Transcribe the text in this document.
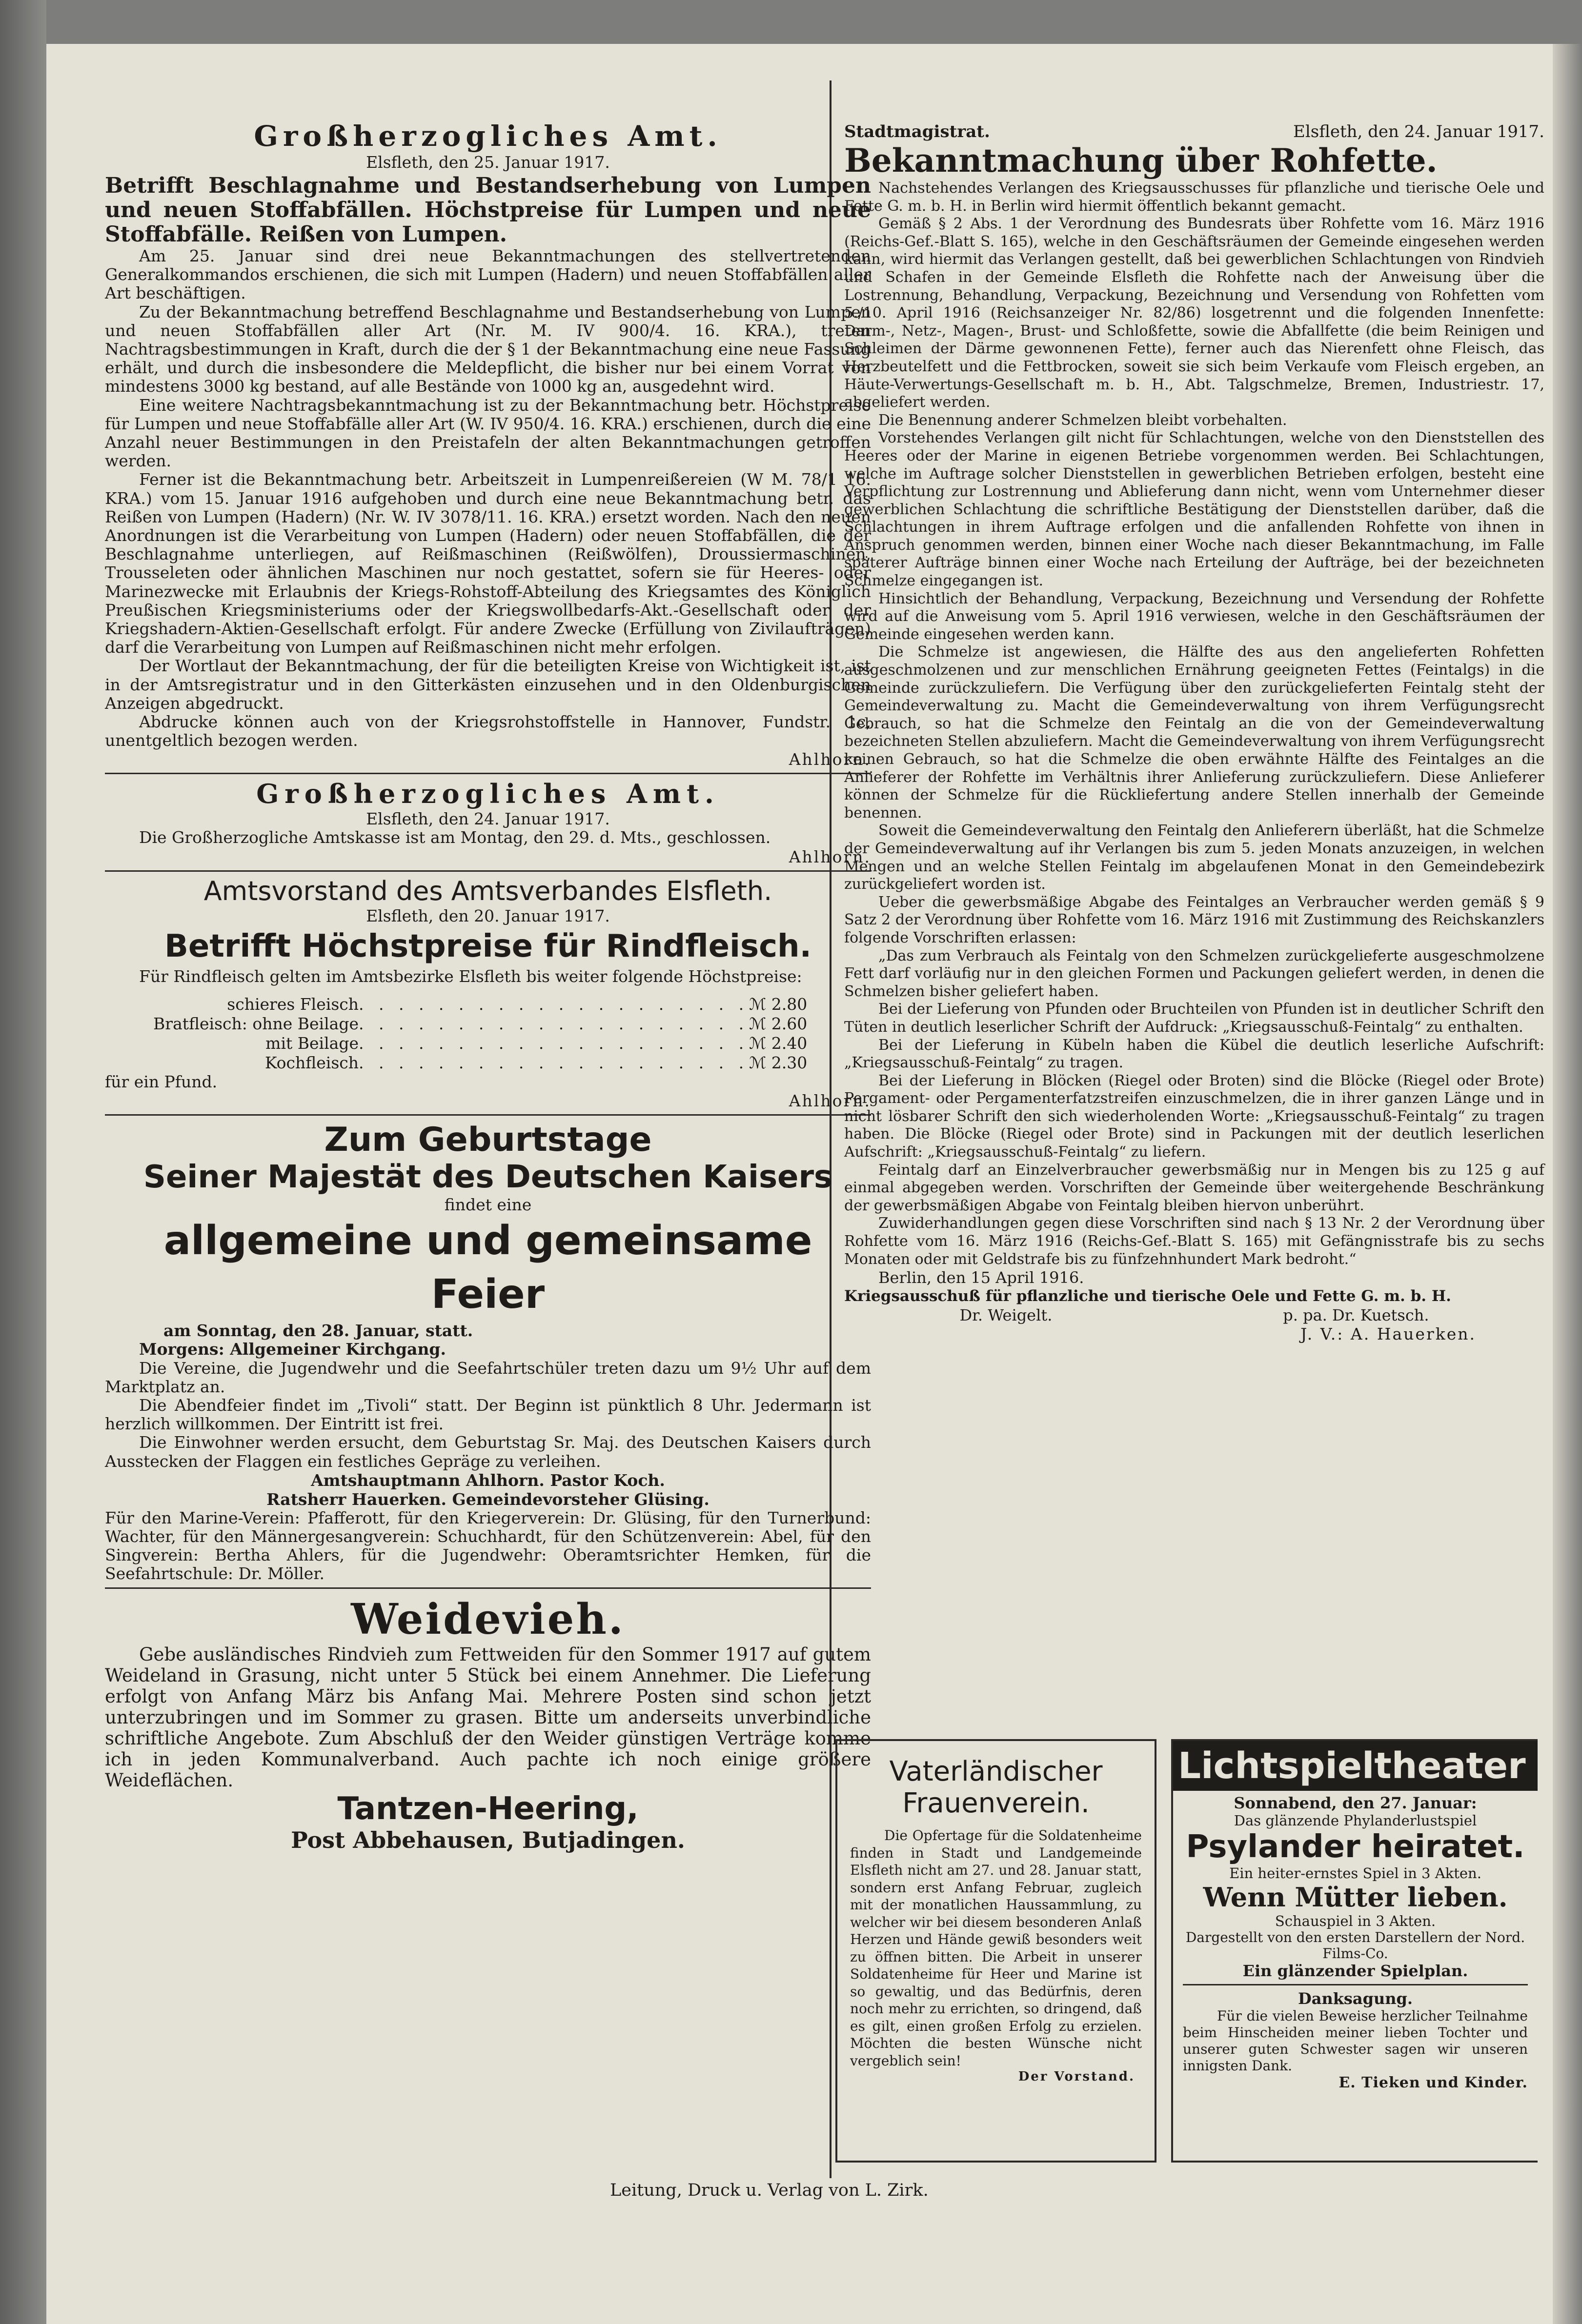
Großherzogliches Amt.

Elsfleth, den 25. Januar 1917.

Betrifft Beschlagnahme und Bestandserhebung von Lumpen und neuen Stoffabfällen. Höchstpreise für Lumpen und neue Stoffabfälle. Reißen von Lumpen.

Am 25. Januar sind drei neue Bekanntmachungen des stellvertretenden Generalkommandos erschienen, die sich mit Lumpen (Hadern) und neuen Stoffabfällen aller Art beschäftigen.

Zu der Bekanntmachung betreffend Beschlagnahme und Bestandserhebung von Lumpen und neuen Stoffabfällen aller Art (Nr. M. IV 900/4. 16. KRA.), treten Nachtragsbestimmungen in Kraft, durch die der § 1 der Bekanntmachung eine neue Fassung erhält, und durch die insbesondere die Meldepflicht, die bisher nur bei einem Vorrat von mindestens 3000 kg bestand, auf alle Bestände von 1000 kg an, ausgedehnt wird.

Eine weitere Nachtragsbekanntmachung ist zu der Bekanntmachung betr. Höchstpreise für Lumpen und neue Stoffabfälle aller Art (W. IV 950/4. 16. KRA.) erschienen, durch die eine Anzahl neuer Bestimmungen in den Preistafeln der alten Bekanntmachungen getroffen werden.

Ferner ist die Bekanntmachung betr. Arbeitszeit in Lumpenreißereien (W M. 78/1 16. KRA.) vom 15. Januar 1916 aufgehoben und durch eine neue Bekanntmachung betr. das Reißen von Lumpen (Hadern) (Nr. W. IV 3078/11. 16. KRA.) ersetzt worden. Nach den neuen Anordnungen ist die Verarbeitung von Lumpen (Hadern) oder neuen Stoffabfällen, die der Beschlagnahme unterliegen, auf Reißmaschinen (Reißwölfen), Droussiermaschinen, Trousseleten oder ähnlichen Maschinen nur noch gestattet, sofern sie für Heeres- oder Marinezwecke mit Erlaubnis der Kriegs-Rohstoff-Abteilung des Kriegsamtes des Königlich Preußischen Kriegsministeriums oder der Kriegswollbedarfs-Akt.-Gesellschaft oder der Kriegshadern-Aktien-Gesellschaft erfolgt. Für andere Zwecke (Erfüllung von Zivilaufträgen) darf die Verarbeitung von Lumpen auf Reißmaschinen nicht mehr erfolgen.

Der Wortlaut der Bekanntmachung, der für die beteiligten Kreise von Wichtigkeit ist, ist in der Amtsregistratur und in den Gitterkästen einzusehen und in den Oldenburgischen Anzeigen abgedruckt.

Abdrucke können auch von der Kriegsrohstoffstelle in Hannover, Fundstr. 1c, unentgeltlich bezogen werden.

Ahlhorn.

Großherzogliches Amt.

Elsfleth, den 24. Januar 1917.

Die Großherzogliche Amtskasse ist am Montag, den 29. d. Mts., geschlossen.

Ahlhorn.

Amtsvorstand des Amtsverbandes Elsfleth.

Elsfleth, den 20. Januar 1917.

Betrifft Höchstpreise für Rindfleisch.

Für Rindfleisch gelten im Amtsbezirke Elsfleth bis weiter folgende Höchstpreise:

schieres Fleisch . . . . . . . . . . . . . . . . . . . . ℳ 2.80
Bratfleisch: ohne Beilage . . . . . . . . . . . . . . . . . . . . ℳ 2.60
mit Beilage . . . . . . . . . . . . . . . . . . . . ℳ 2.40
Kochfleisch . . . . . . . . . . . . . . . . . . . . ℳ 2.30

für ein Pfund.

Ahlhorn.

Zum Geburtstage
Seiner Majestät des Deutschen Kaisers

findet eine

allgemeine und gemeinsame Feier

am Sonntag, den 28. Januar, statt.

Morgens: Allgemeiner Kirchgang.

Die Vereine, die Jugendwehr und die Seefahrtschüler treten dazu um 9½ Uhr auf dem Marktplatz an.

Die Abendfeier findet im „Tivoli“ statt. Der Beginn ist pünktlich 8 Uhr. Jedermann ist herzlich willkommen. Der Eintritt ist frei.

Die Einwohner werden ersucht, dem Geburtstag Sr. Maj. des Deutschen Kaisers durch Ausstecken der Flaggen ein festliches Gepräge zu verleihen.

Amtshauptmann Ahlhorn. Pastor Koch.

Ratsherr Hauerken. Gemeindevorsteher Glüsing.

Für den Marine-Verein: Pfafferott, für den Kriegerverein: Dr. Glüsing, für den Turnerbund: Wachter, für den Männergesangverein: Schuchhardt, für den Schützenverein: Abel, für den Singverein: Bertha Ahlers, für die Jugendwehr: Oberamtsrichter Hemken, für die Seefahrtschule: Dr. Möller.

Weidevieh.

Gebe ausländisches Rindvieh zum Fettweiden für den Sommer 1917 auf gutem Weideland in Grasung, nicht unter 5 Stück bei einem Annehmer. Die Lieferung erfolgt von Anfang März bis Anfang Mai. Mehrere Posten sind schon jetzt unterzubringen und im Sommer zu grasen. Bitte um anderseits unverbindliche schriftliche Angebote. Zum Abschluß der den Weider günstigen Verträge komme ich in jeden Kommunalverband. Auch pachte ich noch einige größere Weideflächen.

Tantzen-Heering,
Post Abbehausen, Butjadingen.
Stadtmagistrat.	Elsfleth, den 24. Januar 1917.
Bekanntmachung über Rohfette.

Nachstehendes Verlangen des Kriegsausschusses für pflanzliche und tierische Oele und Fette G. m. b. H. in Berlin wird hiermit öffentlich bekannt gemacht.

Gemäß § 2 Abs. 1 der Verordnung des Bundesrats über Rohfette vom 16. März 1916 (Reichs-Gef.-Blatt S. 165), welche in den Geschäftsräumen der Gemeinde eingesehen werden kann, wird hiermit das Verlangen gestellt, daß bei gewerblichen Schlachtungen von Rindvieh und Schafen in der Gemeinde Elsfleth die Rohfette nach der Anweisung über die Lostrennung, Behandlung, Verpackung, Bezeichnung und Versendung von Rohfetten vom 5./10. April 1916 (Reichsanzeiger Nr. 82/86) losgetrennt und die folgenden Innenfette: Darm-, Netz-, Magen-, Brust- und Schloßfette, sowie die Abfallfette (die beim Reinigen und Schleimen der Därme gewonnenen Fette), ferner auch das Nierenfett ohne Fleisch, das Herzbeutelfett und die Fettbrocken, soweit sie sich beim Verkaufe vom Fleisch ergeben, an Häute-Verwertungs-Gesellschaft m. b. H., Abt. Talgschmelze, Bremen, Industriestr. 17, abgeliefert werden.

Die Benennung anderer Schmelzen bleibt vorbehalten.

Vorstehendes Verlangen gilt nicht für Schlachtungen, welche von den Dienststellen des Heeres oder der Marine in eigenen Betriebe vorgenommen werden. Bei Schlachtungen, welche im Auftrage solcher Dienststellen in gewerblichen Betrieben erfolgen, besteht eine Verpflichtung zur Lostrennung und Ablieferung dann nicht, wenn vom Unternehmer dieser gewerblichen Schlachtung die schriftliche Bestätigung der Dienststellen darüber, daß die Schlachtungen in ihrem Auftrage erfolgen und die anfallenden Rohfette von ihnen in Anspruch genommen werden, binnen einer Woche nach dieser Bekanntmachung, im Falle späterer Aufträge binnen einer Woche nach Erteilung der Aufträge, bei der bezeichneten Schmelze eingegangen ist.

Hinsichtlich der Behandlung, Verpackung, Bezeichnung und Versendung der Rohfette wird auf die Anweisung vom 5. April 1916 verwiesen, welche in den Geschäftsräumen der Gemeinde eingesehen werden kann.

Die Schmelze ist angewiesen, die Hälfte des aus den angelieferten Rohfetten ausgeschmolzenen und zur menschlichen Ernährung geeigneten Fettes (Feintalgs) in die Gemeinde zurückzuliefern. Die Verfügung über den zurückgelieferten Feintalg steht der Gemeindeverwaltung zu. Macht die Gemeindeverwaltung von ihrem Verfügungsrecht Gebrauch, so hat die Schmelze den Feintalg an die von der Gemeindeverwaltung bezeichneten Stellen abzuliefern. Macht die Gemeindeverwaltung von ihrem Verfügungsrecht keinen Gebrauch, so hat die Schmelze die oben erwähnte Hälfte des Feintalges an die Anlieferer der Rohfette im Verhältnis ihrer Anlieferung zurückzuliefern. Diese Anlieferer können der Schmelze für die Rückliefertung andere Stellen innerhalb der Gemeinde benennen.

Soweit die Gemeindeverwaltung den Feintalg den Anlieferern überläßt, hat die Schmelze der Gemeindeverwaltung auf ihr Verlangen bis zum 5. jeden Monats anzuzeigen, in welchen Mengen und an welche Stellen Feintalg im abgelaufenen Monat in den Gemeindebezirk zurückgeliefert worden ist.

Ueber die gewerbsmäßige Abgabe des Feintalges an Verbraucher werden gemäß § 9 Satz 2 der Verordnung über Rohfette vom 16. März 1916 mit Zustimmung des Reichskanzlers folgende Vorschriften erlassen:

„Das zum Verbrauch als Feintalg von den Schmelzen zurückgelieferte ausgeschmolzene Fett darf vorläufig nur in den gleichen Formen und Packungen geliefert werden, in denen die Schmelzen bisher geliefert haben.

Bei der Lieferung von Pfunden oder Bruchteilen von Pfunden ist in deutlicher Schrift den Tüten in deutlich leserlicher Schrift der Aufdruck: „Kriegsausschuß-Feintalg“ zu enthalten.

Bei der Lieferung in Kübeln haben die Kübel die deutlich leserliche Aufschrift: „Kriegsausschuß-Feintalg“ zu tragen.

Bei der Lieferung in Blöcken (Riegel oder Broten) sind die Blöcke (Riegel oder Brote) Pergament- oder Pergamenterfatzstreifen einzuschmelzen, die in ihrer ganzen Länge und in nicht lösbarer Schrift den sich wiederholenden Worte: „Kriegsausschuß-Feintalg“ zu tragen haben. Die Blöcke (Riegel oder Brote) sind in Packungen mit der deutlich leserlichen Aufschrift: „Kriegsausschuß-Feintalg“ zu liefern.

Feintalg darf an Einzelverbraucher gewerbsmäßig nur in Mengen bis zu 125 g auf einmal abgegeben werden. Vorschriften der Gemeinde über weitergehende Beschränkung der gewerbsmäßigen Abgabe von Feintalg bleiben hiervon unberührt.

Zuwiderhandlungen gegen diese Vorschriften sind nach § 13 Nr. 2 der Verordnung über Rohfette vom 16. März 1916 (Reichs-Gef.-Blatt S. 165) mit Gefängnisstrafe bis zu sechs Monaten oder mit Geldstrafe bis zu fünfzehnhundert Mark bedroht.“

Berlin, den 15 April 1916.

Kriegsausschuß für pflanzliche und tierische Oele und Fette G. m. b. H.

Dr. Weigelt.	p. pa. Dr. Kuetsch.

J. V.: A. Hauerken.

Vaterländischer
Frauenverein.

Die Opfertage für die Soldatenheime finden in Stadt und Landgemeinde Elsfleth nicht am 27. und 28. Januar statt, sondern erst Anfang Februar, zugleich mit der monatlichen Haussammlung, zu welcher wir bei diesem besonderen Anlaß Herzen und Hände gewiß besonders weit zu öffnen bitten. Die Arbeit in unserer Soldatenheime für Heer und Marine ist so gewaltig, und das Bedürfnis, deren noch mehr zu errichten, so dringend, daß es gilt, einen großen Erfolg zu erzielen. Möchten die besten Wünsche nicht vergeblich sein!

Der Vorstand.

Lichtspieltheater
Sonnabend, den 27. Januar:
Das glänzende Phylanderlustspiel
Psylander heiratet.
Ein heiter-ernstes Spiel in 3 Akten.
Wenn Mütter lieben.
Schauspiel in 3 Akten.
Dargestellt von den ersten Darstellern der Nord. Films-Co.
Ein glänzender Spielplan.
Danksagung.

Für die vielen Beweise herzlicher Teilnahme beim Hinscheiden meiner lieben Tochter und unserer guten Schwester sagen wir unseren innigsten Dank.

E. Tieken und Kinder.

Leitung, Druck u. Verlag von L. Zirk.
